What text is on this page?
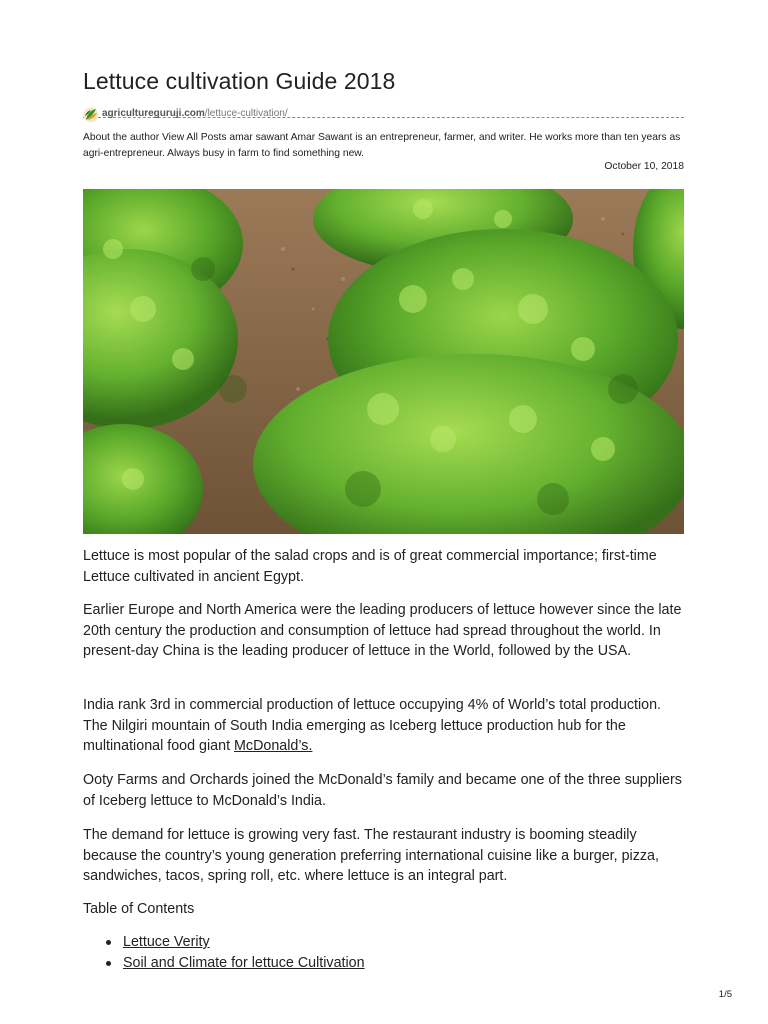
Lettuce cultivation Guide 2018
agricultureguruji.com/lettuce-cultivation/

About the author View All Posts amar sawant Amar Sawant is an entrepreneur, farmer, and writer. He works more than ten years as agri-entrepreneur. Always busy in farm to find something new.

October 10, 2018

Lettuce is most popular of the salad crops and is of great commercial importance; first-time Lettuce cultivated in ancient Egypt.

Earlier Europe and North America were the leading producers of lettuce however since the late 20th century the production and consumption of lettuce had spread throughout the world. In present-day China is the leading producer of lettuce in the World, followed by the USA.

India rank 3rd in commercial production of lettuce occupying 4% of World’s total production. The Nilgiri mountain of South India emerging as Iceberg lettuce production hub for the multinational food giant McDonald’s.

Ooty Farms and Orchards joined the McDonald’s family and became one of the three suppliers of Iceberg lettuce to McDonald’s India.

The demand for lettuce is growing very fast. The restaurant industry is booming steadily because the country’s young generation preferring international cuisine like a burger, pizza, sandwiches, tacos, spring roll, etc. where lettuce is an integral part.

Table of Contents

Lettuce Verity
Soil and Climate for lettuce Cultivation
1/5
